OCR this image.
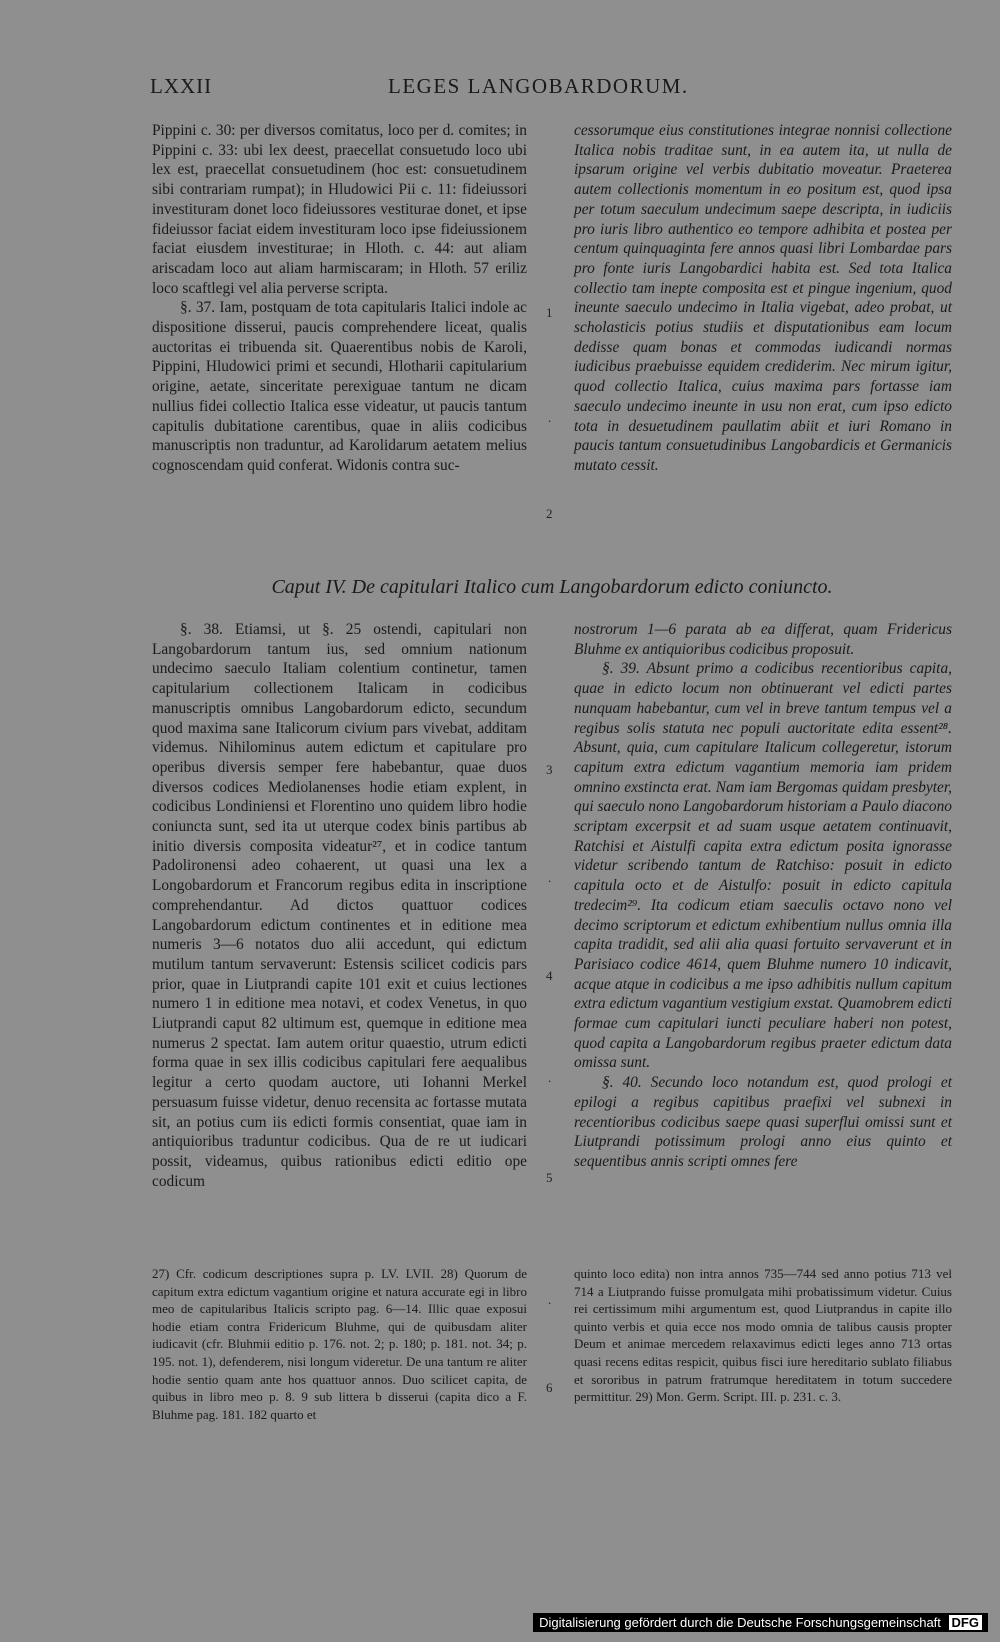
LXXII	LEGES LANGOBARDORUM.

Pippini c. 30: per diversos comitatus, loco per d. comites; in Pippini c. 33: ubi lex deest, praecellat consuetudo loco ubi lex est, praecellat consuetudinem (hoc est: consuetudinem sibi contrariam rumpat); in Hludowici Pii c. 11: fideiussori investituram donet loco fideiussores vestiturae donet, et ipse fideiussor faciat eidem investituram loco ipse fideiussionem faciat eiusdem investiturae; in Hloth. c. 44: aut aliam ariscadam loco aut aliam harmiscaram; in Hloth. 57 eriliz loco scaftlegi vel alia perverse scripta.

§. 37. Iam, postquam de tota capitularis Italici indole ac dispositione disserui, paucis comprehendere liceat, qualis auctoritas ei tribuenda sit. Quaerentibus nobis de Karoli, Pippini, Hludowici primi et secundi, Hlotharii capitularium origine, aetate, sinceritate perexiguae tantum ne dicam nullius fidei collectio Italica esse videatur, ut paucis tantum capitulis dubitatione carentibus, quae in aliis codicibus manuscriptis non traduntur, ad Karolidarum aetatem melius cognoscendam quid conferat. Widonis contra suc-

cessorumque eius constitutiones integrae nonnisi collectione Italica nobis traditae sunt, in ea autem ita, ut nulla de ipsarum origine vel verbis dubitatio moveatur. Praeterea autem collectionis momentum in eo positum est, quod ipsa per totum saeculum undecimum saepe descripta, in iudiciis pro iuris libro authentico eo tempore adhibita et postea per centum quinquaginta fere annos quasi libri Lombardae pars pro fonte iuris Langobardici habita est. Sed tota Italica collectio tam inepte composita est et pingue ingenium, quod ineunte saeculo undecimo in Italia vigebat, adeo probat, ut scholasticis potius studiis et disputationibus eam locum dedisse quam bonas et commodas iudicandi normas iudicibus praebuisse equidem crediderim. Nec mirum igitur, quod collectio Italica, cuius maxima pars fortasse iam saeculo undecimo ineunte in usu non erat, cum ipso edicto tota in desuetudinem paullatim abiit et iuri Romano in paucis tantum consuetudinibus Langobardicis et Germanicis mutato cessit.

Caput IV. De capitulari Italico cum Langobardorum edicto coniuncto.

§. 38. Etiamsi, ut §. 25 ostendi, capitulari non Langobardorum tantum ius, sed omnium nationum undecimo saeculo Italiam colentium continetur, tamen capitularium collectionem Italicam in codicibus manuscriptis omnibus Langobardorum edicto, secundum quod maxima sane Italicorum civium pars vivebat, additam videmus. Nihilominus autem edictum et capitulare pro operibus diversis semper fere habebantur, quae duos diversos codices Mediolanenses hodie etiam explent, in codicibus Londiniensi et Florentino uno quidem libro hodie coniuncta sunt, sed ita ut uterque codex binis partibus ab initio diversis composita videatur²⁷, et in codice tantum Padolironensi adeo cohaerent, ut quasi una lex a Longobardorum et Francorum regibus edita in inscriptione comprehendantur. Ad dictos quattuor codices Langobardorum edictum continentes et in editione mea numeris 3—6 notatos duo alii accedunt, qui edictum mutilum tantum servaverunt: Estensis scilicet codicis pars prior, quae in Liutprandi capite 101 exit et cuius lectiones numero 1 in editione mea notavi, et codex Venetus, in quo Liutprandi caput 82 ultimum est, quemque in editione mea numerus 2 spectat. Iam autem oritur quaestio, utrum edicti forma quae in sex illis codicibus capitulari fere aequalibus legitur a certo quodam auctore, uti Iohanni Merkel persuasum fuisse videtur, denuo recensita ac fortasse mutata sit, an potius cum iis edicti formis consentiat, quae iam in antiquioribus traduntur codicibus. Qua de re ut iudicari possit, videamus, quibus rationibus edicti editio ope codicum

nostrorum 1—6 parata ab ea differat, quam Fridericus Bluhme ex antiquioribus codicibus proposuit.

§. 39. Absunt primo a codicibus recentioribus capita, quae in edicto locum non obtinuerant vel edicti partes nunquam habebantur, cum vel in breve tantum tempus vel a regibus solis statuta nec populi auctoritate edita essent²⁸. Absunt, quia, cum capitulare Italicum collegeretur, istorum capitum extra edictum vagantium memoria iam pridem omnino exstincta erat. Nam iam Bergomas quidam presbyter, qui saeculo nono Langobardorum historiam a Paulo diacono scriptam excerpsit et ad suam usque aetatem continuavit, Ratchisi et Aistulfi capita extra edictum posita ignorasse videtur scribendo tantum de Ratchiso: posuit in edicto capitula octo et de Aistulfo: posuit in edicto capitula tredecim²⁹. Ita codicum etiam saeculis octavo nono vel decimo scriptorum et edictum exhibentium nullus omnia illa capita tradidit, sed alii alia quasi fortuito servaverunt et in Parisiaco codice 4614, quem Bluhme numero 10 indicavit, acque atque in codicibus a me ipso adhibitis nullum capitum extra edictum vagantium vestigium exstat. Quamobrem edicti formae cum capitulari iuncti peculiare haberi non potest, quod capita a Langobardorum regibus praeter edictum data omissa sunt.

§. 40. Secundo loco notandum est, quod prologi et epilogi a regibus capitibus praefixi vel subnexi in recentioribus codicibus saepe quasi superflui omissi sunt et Liutprandi potissimum prologi anno eius quinto et sequentibus annis scripti omnes fere

27) Cfr. codicum descriptiones supra p. LV. LVII. 28) Quorum de capitum extra edictum vagantium origine et natura accurate egi in libro meo de capitularibus Italicis scripto pag. 6—14. Illic quae exposui hodie etiam contra Fridericum Bluhme, qui de quibusdam aliter iudicavit (cfr. Bluhmii editio p. 176. not. 2; p. 180; p. 181. not. 34; p. 195. not. 1), defenderem, nisi longum videretur. De una tantum re aliter hodie sentio quam ante hos quattuor annos. Duo scilicet capita, de quibus in libro meo p. 8. 9 sub littera b disserui (capita dico a F. Bluhme pag. 181. 182 quarto et
quinto loco edita) non intra annos 735—744 sed anno potius 713 vel 714 a Liutprando fuisse promulgata mihi probatissimum videtur. Cuius rei certissimum mihi argumentum est, quod Liutprandus in capite illo quinto verbis et quia ecce nos modo omnia de talibus causis propter Deum et animae mercedem relaxavimus edicti leges anno 713 ortas quasi recens editas respicit, quibus fisci iure hereditario sublato filiabus et sororibus in patrum fratrumque hereditatem in totum succedere permittitur. 29) Mon. Germ. Script. III. p. 231. c. 3.
1
.
2
3
.
4
.
5
.
6
Digitalisierung gefördert durch die Deutsche Forschungsgemeinschaft DFG
